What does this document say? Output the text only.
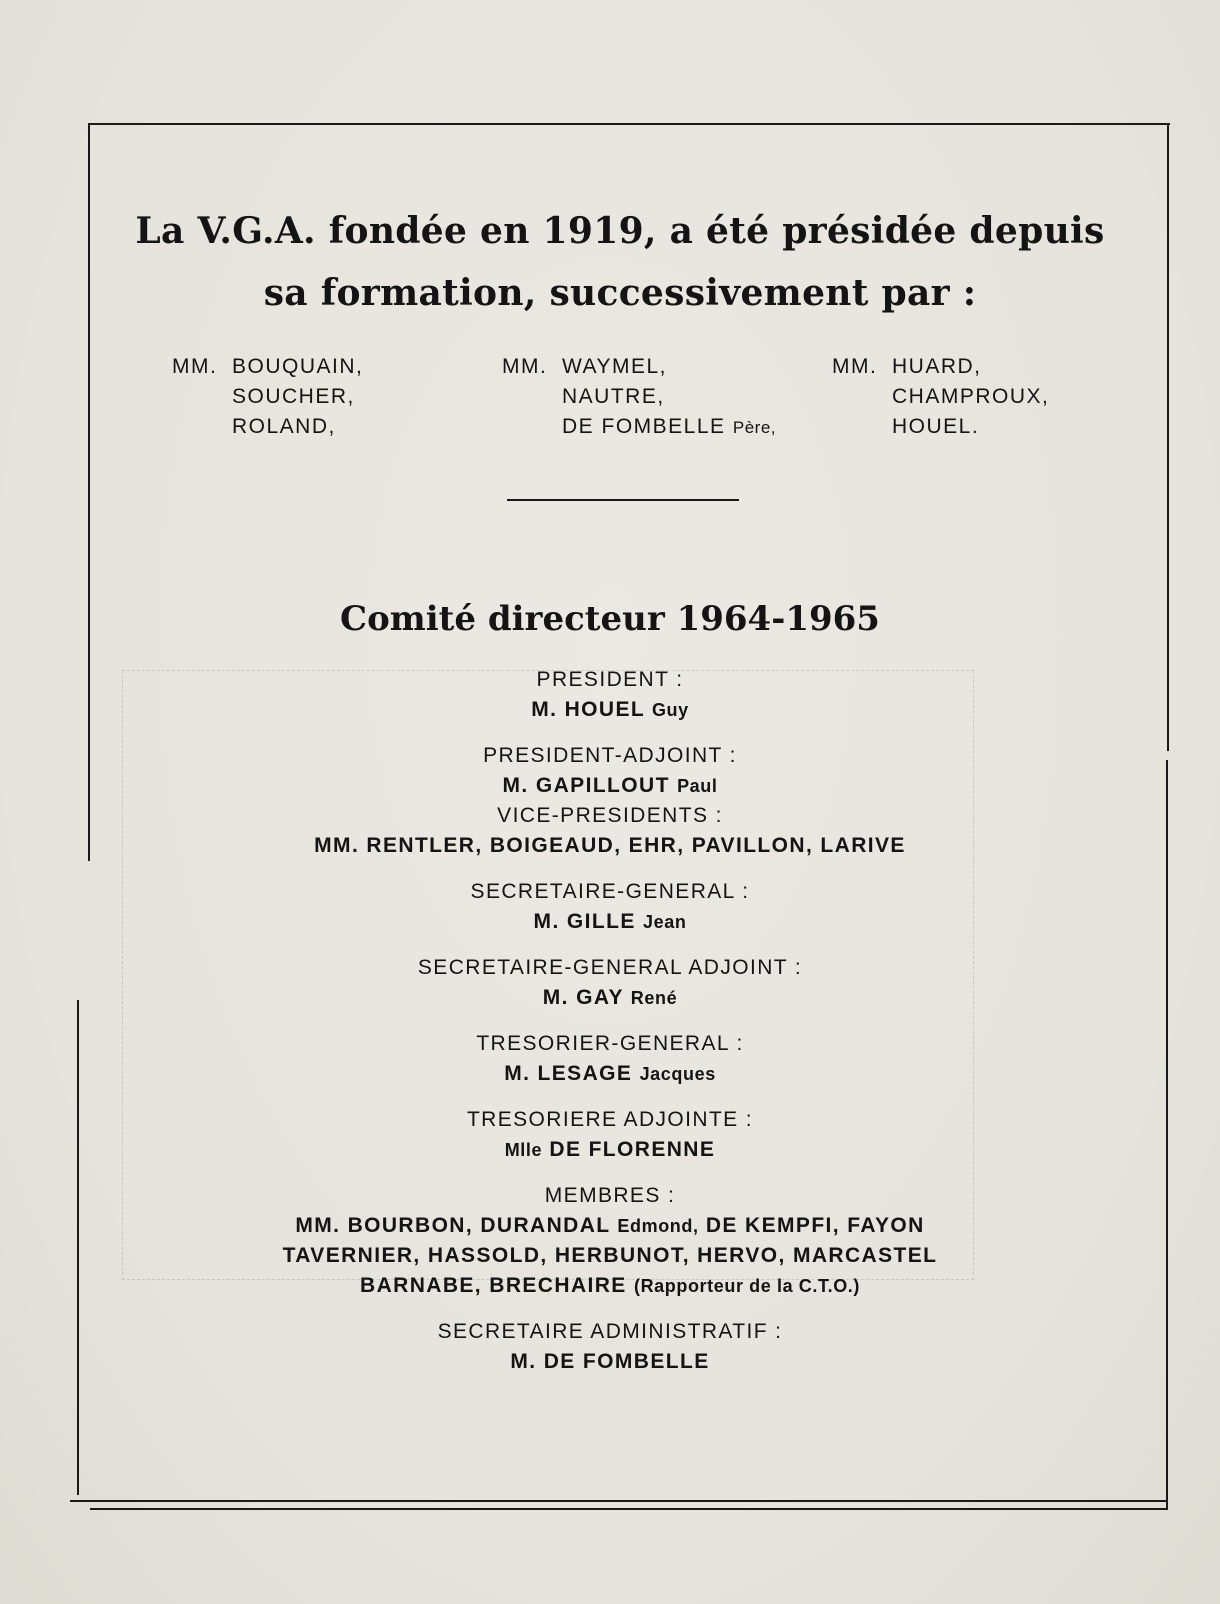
La V.G.A. fondée en 1919, a été présidée depuis
sa formation, successivement par :
MM. BOUQUAIN,
SOUCHER,
ROLAND,
MM. WAYMEL,
NAUTRE,
DE FOMBELLE Père,
MM. HUARD,
CHAMPROUX,
HOUEL.
Comité directeur 1964-1965
PRESIDENT :
M. HOUEL Guy
PRESIDENT-ADJOINT :
M. GAPILLOUT Paul
VICE-PRESIDENTS :
MM. RENTLER, BOIGEAUD, EHR, PAVILLON, LARIVE
SECRETAIRE-GENERAL :
M. GILLE Jean
SECRETAIRE-GENERAL ADJOINT :
M. GAY René
TRESORIER-GENERAL :
M. LESAGE Jacques
TRESORIERE ADJOINTE :
Mlle DE FLORENNE
MEMBRES :
MM. BOURBON, DURANDAL Edmond, DE KEMPFI, FAYON
TAVERNIER, HASSOLD, HERBUNOT, HERVO, MARCASTEL
BARNABE, BRECHAIRE (Rapporteur de la C.T.O.)
SECRETAIRE ADMINISTRATIF :
M. DE FOMBELLE
